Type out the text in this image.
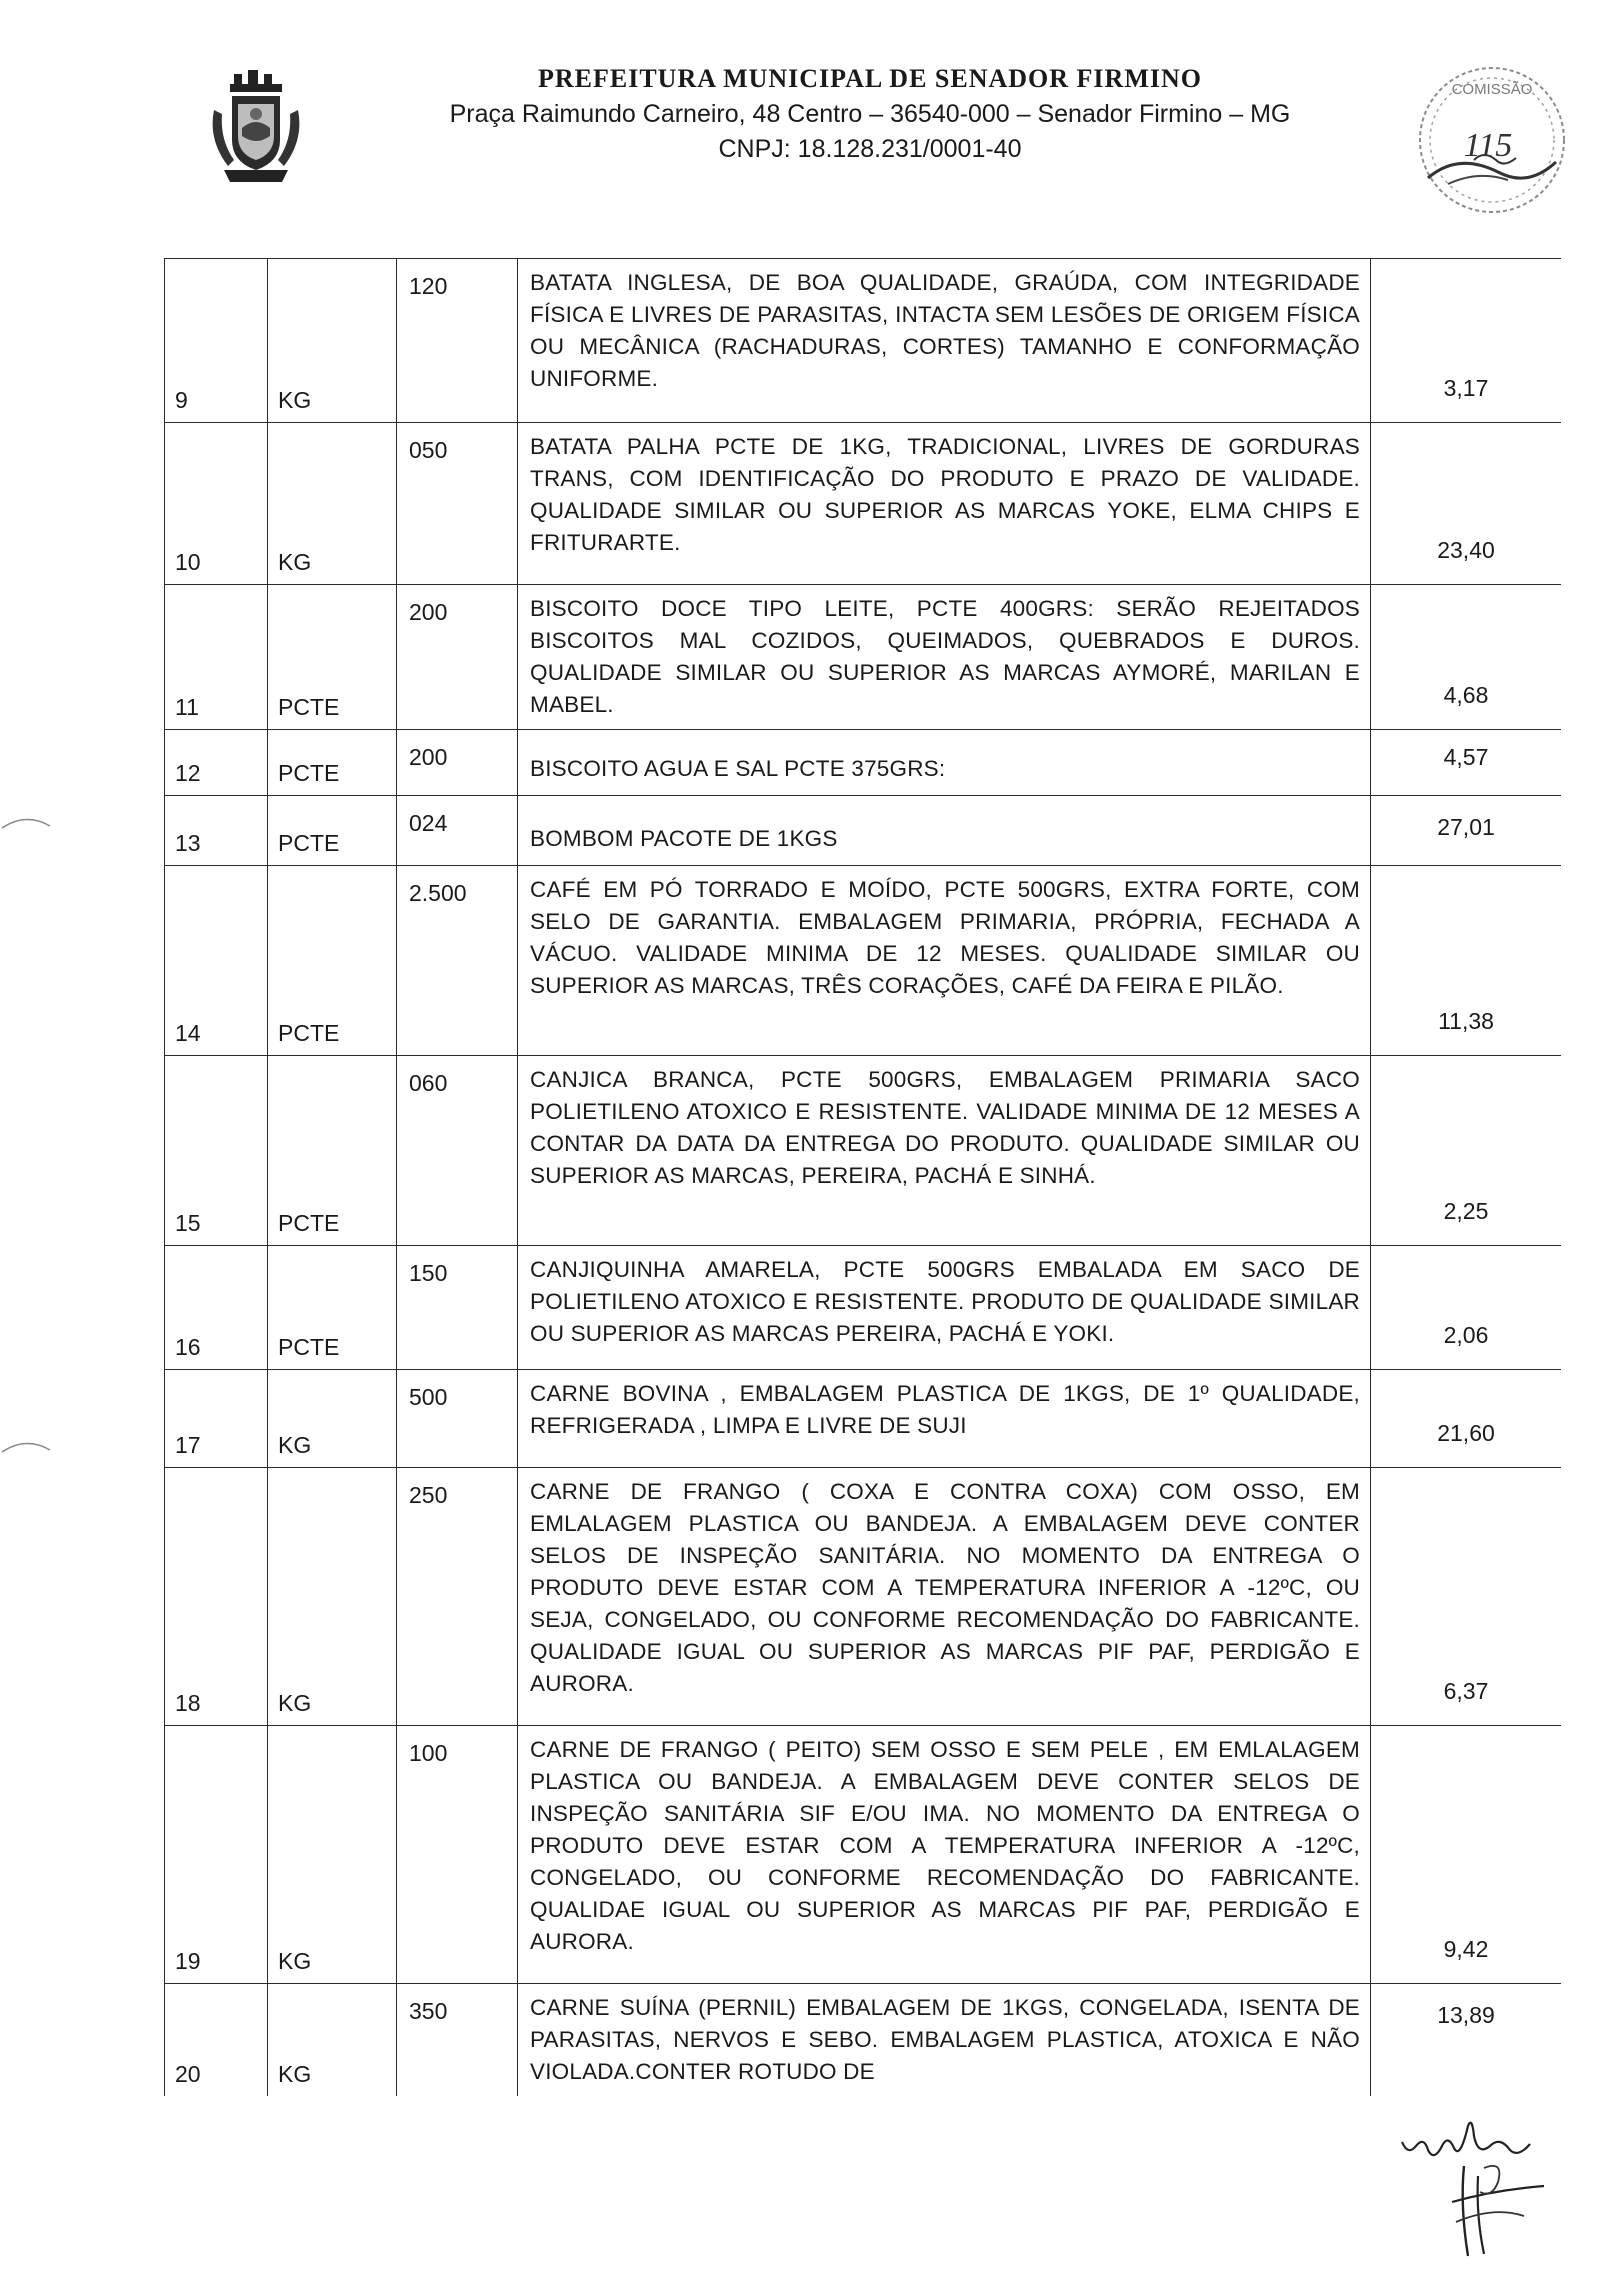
PREFEITURA MUNICIPAL DE SENADOR FIRMINO
Praça Raimundo Carneiro, 48 Centro – 36540-000 – Senador Firmino – MG
CNPJ: 18.128.231/0001-40
COMISSÃO
115
9	KG	120	BATATA INGLESA, DE BOA QUALIDADE, GRAÚDA, COM INTEGRIDADE FÍSICA E LIVRES DE PARASITAS, INTACTA SEM LESÕES DE ORIGEM FÍSICA OU MECÂNICA (RACHADURAS, CORTES) TAMANHO E CONFORMAÇÃO UNIFORME.	3,17
10	KG	050	BATATA PALHA PCTE DE 1KG, TRADICIONAL, LIVRES DE GORDURAS TRANS, COM IDENTIFICAÇÃO DO PRODUTO E PRAZO DE VALIDADE. QUALIDADE SIMILAR OU SUPERIOR AS MARCAS YOKE, ELMA CHIPS E FRITURARTE.	23,40
11	PCTE	200	BISCOITO DOCE TIPO LEITE, PCTE 400GRS: SERÃO REJEITADOS BISCOITOS MAL COZIDOS, QUEIMADOS, QUEBRADOS E DUROS. QUALIDADE SIMILAR OU SUPERIOR AS MARCAS AYMORÉ, MARILAN E MABEL.	4,68
12	PCTE	200	BISCOITO AGUA E SAL PCTE 375GRS:	4,57
13	PCTE	024	BOMBOM PACOTE DE 1KGS	27,01
14	PCTE	2.500	CAFÉ EM PÓ TORRADO E MOÍDO, PCTE 500GRS, EXTRA FORTE, COM SELO DE GARANTIA. EMBALAGEM PRIMARIA, PRÓPRIA, FECHADA A VÁCUO. VALIDADE MINIMA DE 12 MESES. QUALIDADE SIMILAR OU SUPERIOR AS MARCAS, TRÊS CORAÇÕES, CAFÉ DA FEIRA E PILÃO.	11,38
15	PCTE	060	CANJICA BRANCA, PCTE 500GRS, EMBALAGEM PRIMARIA SACO POLIETILENO ATOXICO E RESISTENTE. VALIDADE MINIMA DE 12 MESES A CONTAR DA DATA DA ENTREGA DO PRODUTO. QUALIDADE SIMILAR OU SUPERIOR AS MARCAS, PEREIRA, PACHÁ E SINHÁ.	2,25
16	PCTE	150	CANJIQUINHA AMARELA, PCTE 500GRS EMBALADA EM SACO DE POLIETILENO ATOXICO E RESISTENTE. PRODUTO DE QUALIDADE SIMILAR OU SUPERIOR AS MARCAS PEREIRA, PACHÁ E YOKI.	2,06
17	KG	500	CARNE BOVINA , EMBALAGEM PLASTICA DE 1KGS, DE 1º QUALIDADE, REFRIGERADA , LIMPA E LIVRE DE SUJI	21,60
18	KG	250	CARNE DE FRANGO ( COXA E CONTRA COXA) COM OSSO, EM EMLALAGEM PLASTICA OU BANDEJA. A EMBALAGEM DEVE CONTER SELOS DE INSPEÇÃO SANITÁRIA. NO MOMENTO DA ENTREGA O PRODUTO DEVE ESTAR COM A TEMPERATURA INFERIOR A -12ºC, OU SEJA, CONGELADO, OU CONFORME RECOMENDAÇÃO DO FABRICANTE. QUALIDADE IGUAL OU SUPERIOR AS MARCAS PIF PAF, PERDIGÃO E AURORA.	6,37
19	KG	100	CARNE DE FRANGO ( PEITO) SEM OSSO E SEM PELE , EM EMLALAGEM PLASTICA OU BANDEJA. A EMBALAGEM DEVE CONTER SELOS DE INSPEÇÃO SANITÁRIA SIF E/OU IMA. NO MOMENTO DA ENTREGA O PRODUTO DEVE ESTAR COM A TEMPERATURA INFERIOR A -12ºC, CONGELADO, OU CONFORME RECOMENDAÇÃO DO FABRICANTE. QUALIDAE IGUAL OU SUPERIOR AS MARCAS PIF PAF, PERDIGÃO E AURORA.	9,42
20	KG	350	CARNE SUÍNA (PERNIL) EMBALAGEM DE 1KGS, CONGELADA, ISENTA DE PARASITAS, NERVOS E SEBO. EMBALAGEM PLASTICA, ATOXICA E NÃO VIOLADA.CONTER ROTUDO DE	13,89
